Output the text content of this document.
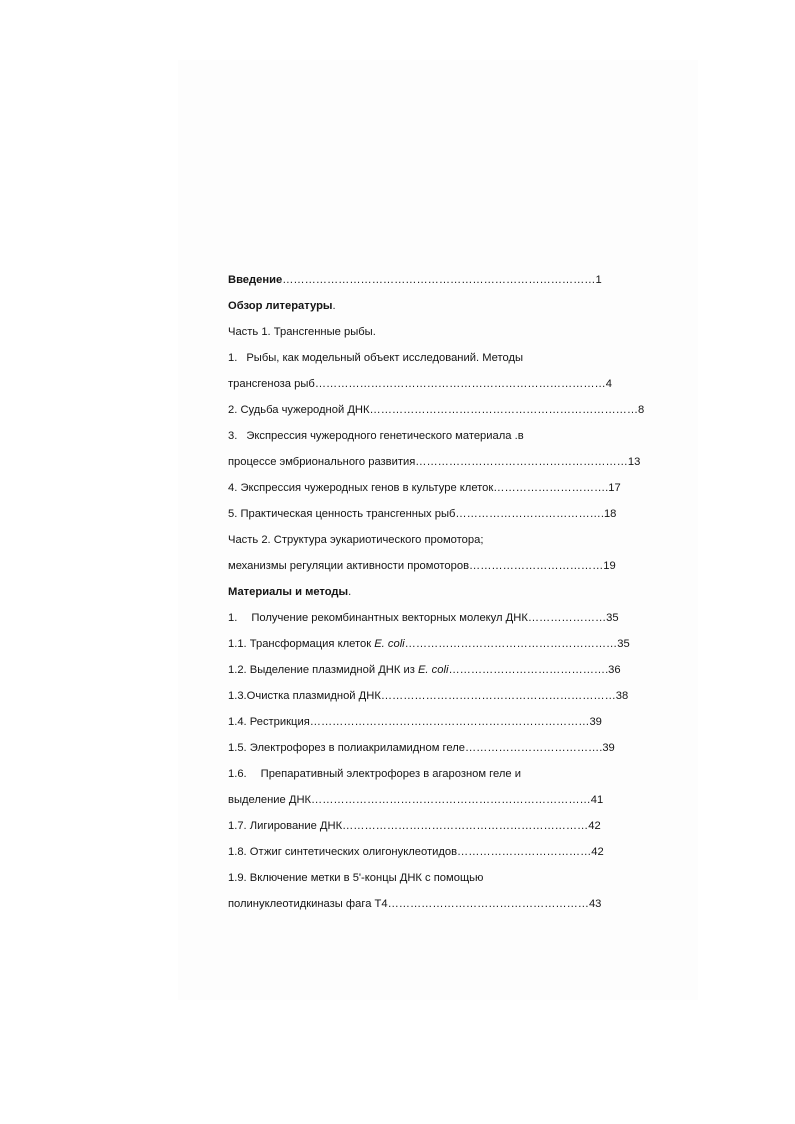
Введение…………………………………………………………………………1
Обзор литературы.
Часть 1. Трансгенные рыбы.
1. Рыбы, как модельный объект исследований. Методы
трансгеноза рыб……………………………………………………………………4
2. Судьба чужеродной ДНК………………………………………………………………8
3. Экспрессия чужеродного генетического материала .в
процессе эмбрионального развития…………………………………………………13
4. Экспрессия чужеродных генов в культуре клеток………………………….17
5. Практическая ценность трансгенных рыб………………………………….18
Часть 2. Структура эукариотического промотора;
механизмы регуляции активности промоторов………………………………19
Материалы и методы.
1. Получение рекомбинантных векторных молекул ДНК…………………35
1.1. Трансформация клеток E. coli…………………………………………………35
1.2. Выделение плазмидной ДНК из E. coli…………………………………….36
1.3.Очистка плазмидной ДНК………………………………………………………38
1.4. Рестрикция…………………………………………………………………39
1.5. Электрофорез в полиакриламидном геле……………………………….39
1.6. Препаративный электрофорез в агарозном геле и
выделение ДНК…………………………………………………………………41
1.7. Лигирование ДНК…………………………………………………………42
1.8. Отжиг синтетических олигонуклеотидов………………………………42
1.9. Включение метки в 5'-концы ДНК с помощью
полинуклеотидкиназы фага Т4………………………………………………43
